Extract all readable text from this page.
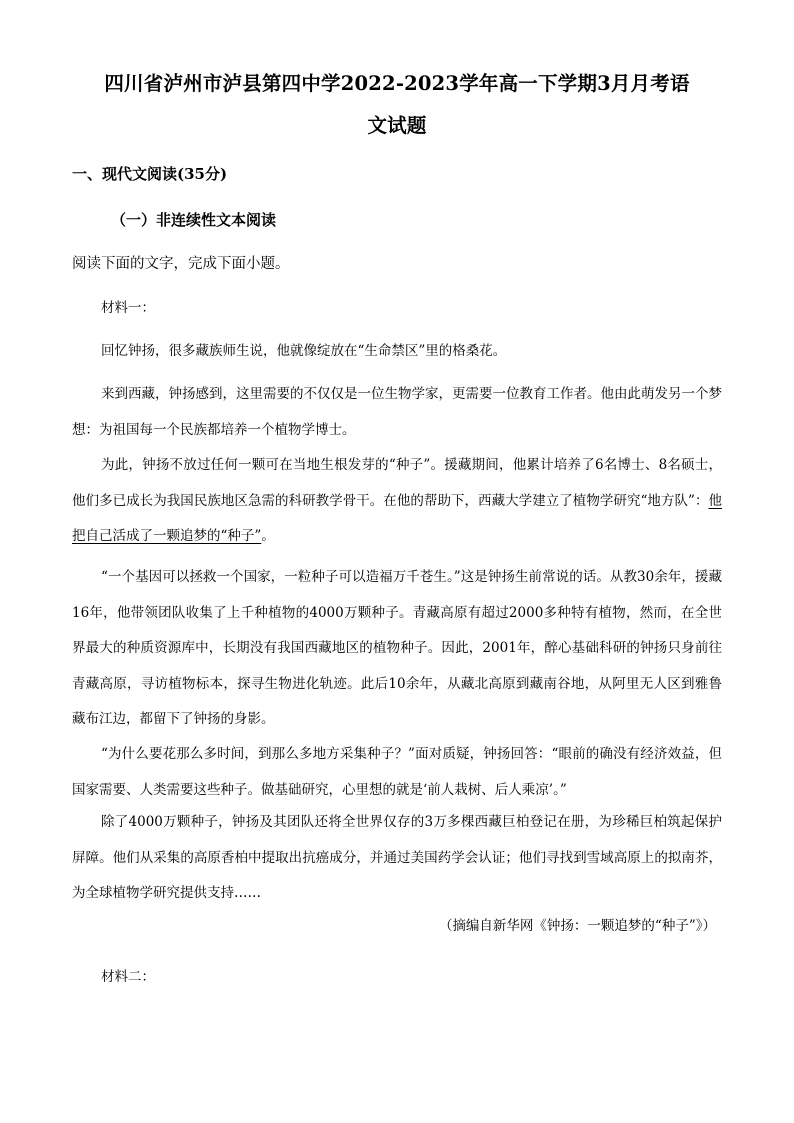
四川省泸州市泸县第四中学2022-2023学年高一下学期3月月考语
文试题
一、现代文阅读(35分)
（一）非连续性文本阅读
阅读下面的文字，完成下面小题。
材料一：

回忆钟扬，很多藏族师生说，他就像绽放在“生命禁区”里的格桑花。

来到西藏，钟扬感到，这里需要的不仅仅是一位生物学家，更需要一位教育工作者。他由此萌发另一个梦想：为祖国每一个民族都培养一个植物学博士。

为此，钟扬不放过任何一颗可在当地生根发芽的“种子”。援藏期间，他累计培养了6名博士、8名硕士，他们多已成长为我国民族地区急需的科研教学骨干。在他的帮助下，西藏大学建立了植物学研究“地方队”：他把自己活成了一颗追梦的“种子”。

“一个基因可以拯救一个国家，一粒种子可以造福万千苍生。”这是钟扬生前常说的话。从教30余年，援藏16年，他带领团队收集了上千种植物的4000万颗种子。青藏高原有超过2000多种特有植物，然而，在全世界最大的种质资源库中，长期没有我国西藏地区的植物种子。因此，2001年，醉心基础科研的钟扬只身前往青藏高原，寻访植物标本，探寻生物进化轨迹。此后10余年，从藏北高原到藏南谷地，从阿里无人区到雅鲁藏布江边，都留下了钟扬的身影。

“为什么要花那么多时间，到那么多地方采集种子？”面对质疑，钟扬回答：“眼前的确没有经济效益，但国家需要、人类需要这些种子。做基础研究，心里想的就是‘前人栽树、后人乘凉’。”

除了4000万颗种子，钟扬及其团队还将全世界仅存的3万多棵西藏巨柏登记在册，为珍稀巨柏筑起保护屏障。他们从采集的高原香柏中提取出抗癌成分，并通过美国药学会认证；他们寻找到雪域高原上的拟南芥，为全球植物学研究提供支持……

（摘编自新华网《钟扬：一颗追梦的“种子”》）
材料二：
